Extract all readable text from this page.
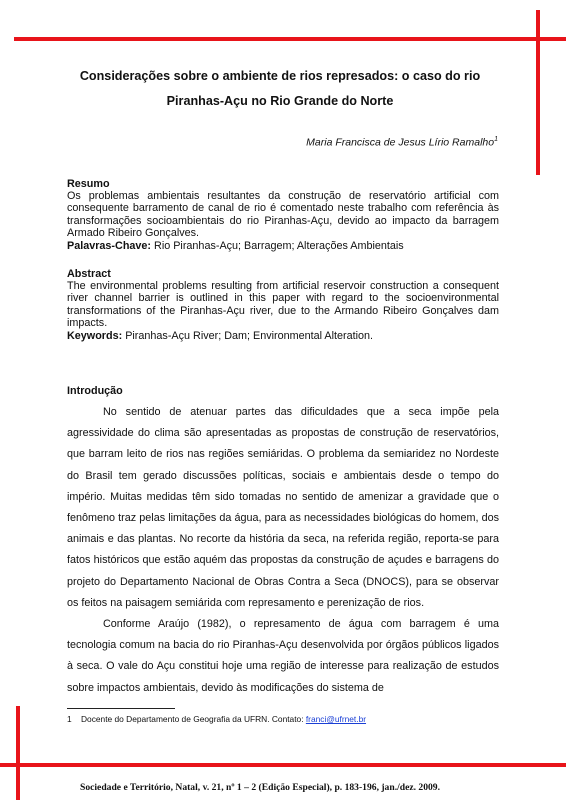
Considerações sobre o ambiente de rios represados: o caso do rio
Piranhas-Açu no Rio Grande do Norte
Maria Francisca de Jesus Lírio Ramalho$^1$
Resumo

Os problemas ambientais resultantes da construção de reservatório artificial com consequente barramento de canal de rio é comentado neste trabalho com referência às transformações socioambientais do rio Piranhas-Açu, devido ao impacto da barragem Armado Ribeiro Gonçalves.

Palavras-Chave: Rio Piranhas-Açu; Barragem; Alterações Ambientais

Abstract

The environmental problems resulting from artificial reservoir construction a consequent river channel barrier is outlined in this paper with regard to the socioenvironmental transformations of the Piranhas-Açu river, due to the Armando Ribeiro Gonçalves dam impacts.

Keywords: Piranhas-Açu River; Dam; Environmental Alteration.

Introdução

No sentido de atenuar partes das dificuldades que a seca impõe pela agressividade do clima são apresentadas as propostas de construção de reservatórios, que barram leito de rios nas regiões semiáridas. O problema da semiaridez no Nordeste do Brasil tem gerado discussões políticas, sociais e ambientais desde o tempo do império. Muitas medidas têm sido tomadas no sentido de amenizar a gravidade que o fenômeno traz pelas limitações da água, para as necessidades biológicas do homem, dos animais e das plantas. No recorte da história da seca, na referida região, reporta-se para fatos históricos que estão aquém das propostas da construção de açudes e barragens do projeto do Departamento Nacional de Obras Contra a Seca (DNOCS), para se observar os feitos na paisagem semiárida com represamento e perenização de rios.

Conforme Araújo (1982), o represamento de água com barragem é uma tecnologia comum na bacia do rio Piranhas-Açu desenvolvida por órgãos públicos ligados à seca. O vale do Açu constitui hoje uma região de interesse para realização de estudos sobre impactos ambientais, devido às modificações do sistema de

1 Docente do Departamento de Geografia da UFRN. Contato: franci@ufrnet.br
Sociedade e Território, Natal, v. 21, nº 1 – 2 (Edição Especial), p. 183-196, jan./dez. 2009.
